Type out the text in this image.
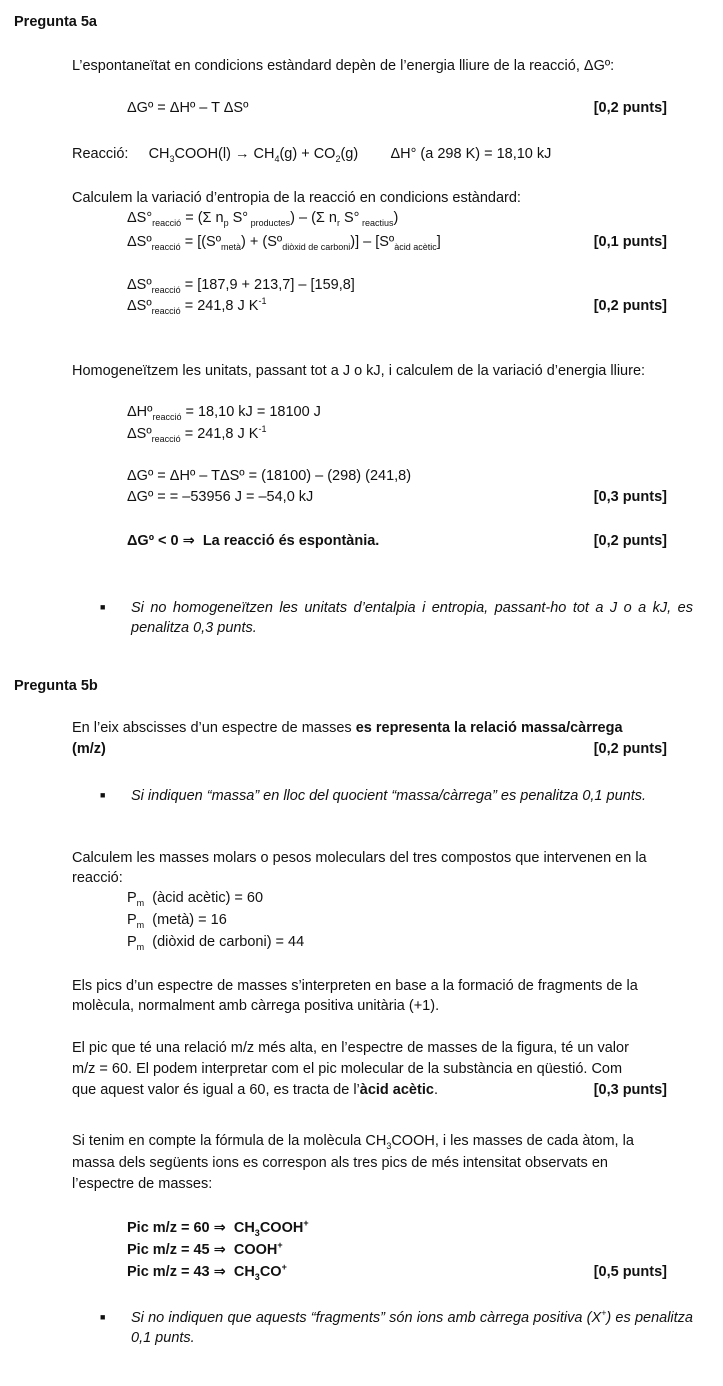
Pregunta 5a
L’espontaneïtat en condicions estàndard depèn de l’energia lliure de la reacció, ΔGº:
ΔGº = ΔHº – T ΔSº	[0,2 punts]
Reacció: $CH_3COOH(l) \to CH_4(g) + CO_2(g)$ ΔH° (a 298 K) = 18,10 kJ
Calculem la variació d’entropia de la reacció en condicions estàndard:
$\Delta S^\circ_{reacció} = (\Sigma$ $n_p$ S° $_{productes}$) – (Σ $n_r$ S° $_{reactius}$)
ΔSº$_{reacció}$ = [(Sº$_{metà}$) + (Sº$_{diòxid de carboni}$)] – [Sº$_{àcid acètic}$]	[0,1 punts]
ΔSº$_{reacció}$ = [187,9 + 213,7] – [159,8]
ΔSº$_{reacció}$ = 241,8 J $K^{-1}$	[0,2 punts]
Homogeneïtzem les unitats, passant tot a J o kJ, i calculem de la variació d’energia lliure:
ΔHº$_{reacció}$ = 18,10 kJ = 18100 J
ΔSº$_{reacció}$ = 241,8 J $K^{-1}$
ΔGº = ΔHº – TΔSº = (18100) – (298) (241,8)
ΔGº = = –53956 J = –54,0 kJ	[0,3 punts]
ΔGº < 0 ⇒ La reacció és espontània.	[0,2 punts]
■ Si no homogeneïtzen les unitats d’entalpia i entropia, passant-ho tot a J o a kJ, es penalitza 0,3 punts.
Pregunta 5b
En l’eix abscisses d’un espectre de masses es representa la relació massa/càrrega
(m/z)	[0,2 punts]
■ Si indiquen “massa” en lloc del quocient “massa/càrrega” es penalitza 0,1 punts.
Calculem les masses molars o pesos moleculars del tres compostos que intervenen en la reacció:
$P_m$ (àcid acètic) = 60
$P_m$ (metà) = 16
$P_m$ (diòxid de carboni) = 44
Els pics d’un espectre de masses s’interpreten en base a la formació de fragments de la molècula, normalment amb càrrega positiva unitària (+1).
El pic que té una relació m/z més alta, en l’espectre de masses de la figura, té un valor
m/z = 60. El podem interpretar com el pic molecular de la substància en qüestió. Com
que aquest valor és igual a 60, es tracta de l’àcid acètic.	[0,3 punts]
Si tenim en compte la fórmula de la molècula $CH_3COOH$, i les masses de cada àtom, la
massa dels següents ions es correspon als tres pics de més intensitat observats en
l’espectre de masses:
Pic m/z = 60 ⇒  $CH_3COOH^+$
Pic m/z = 45 ⇒  COOH+
Pic m/z = 43 ⇒  $CH_3CO^+$	[0,5 punts]
■ Si no indiquen que aquests “fragments” són ions amb càrrega positiva (X+) es penalitza 0,1 punts.
